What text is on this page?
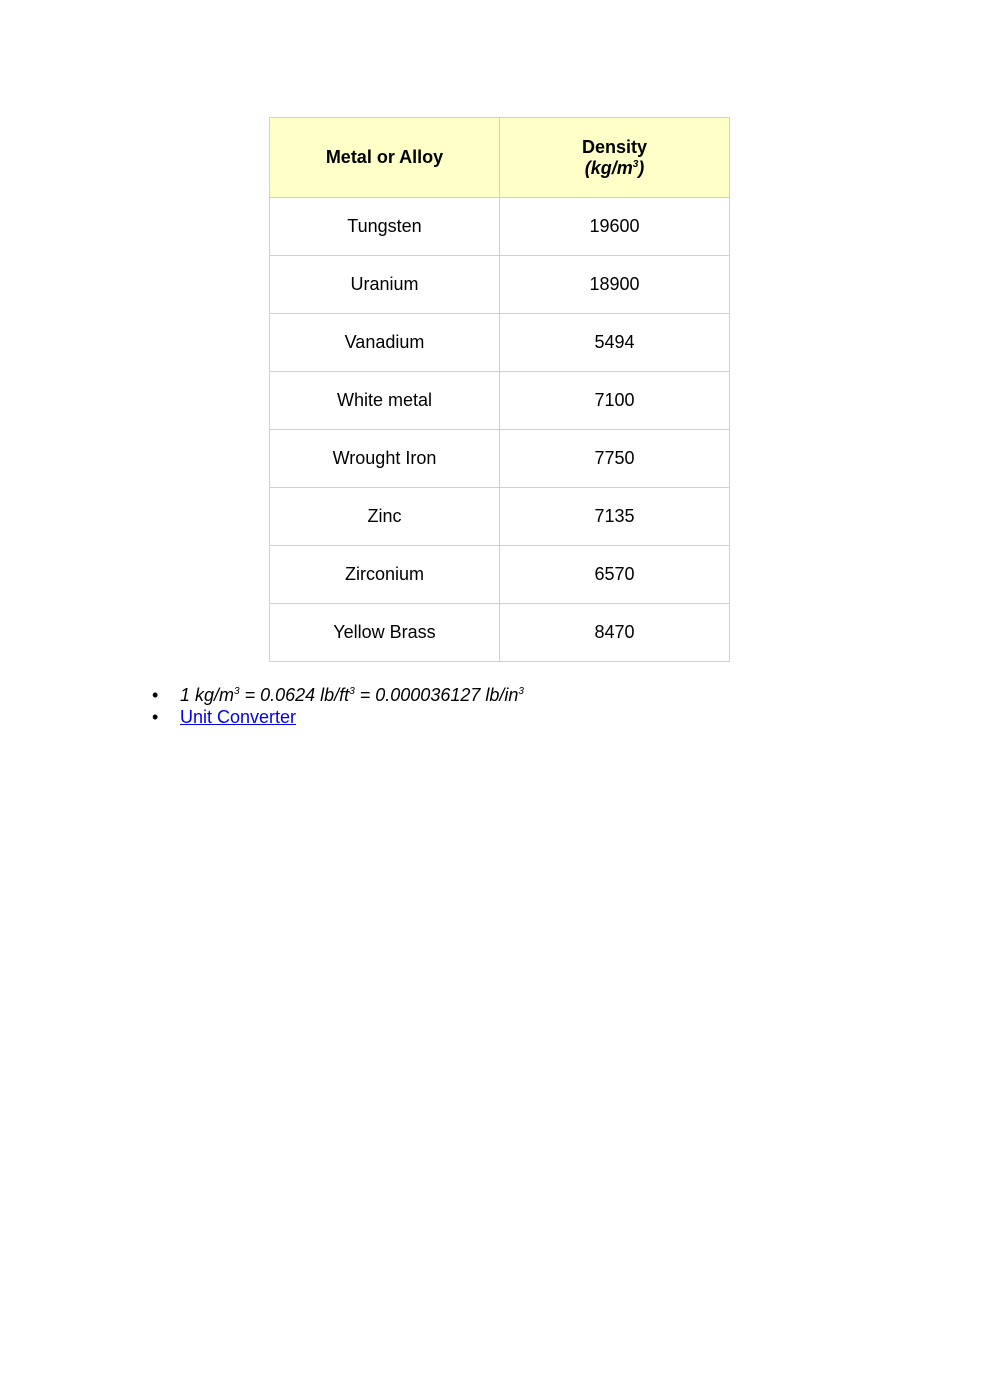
Metal or Alloy	Density
$(kg/m^3)$

Tungsten	19600
Uranium	18900
Vanadium	5494
White metal	7100
Wrought Iron	7750
Zinc	7135
Zirconium	6570
Yellow Brass	8470
• 1 $kg/m^3 = 0.0624$ $lb/ft^3 = 0.000036127$ $lb/in^3$
• Unit Converter
